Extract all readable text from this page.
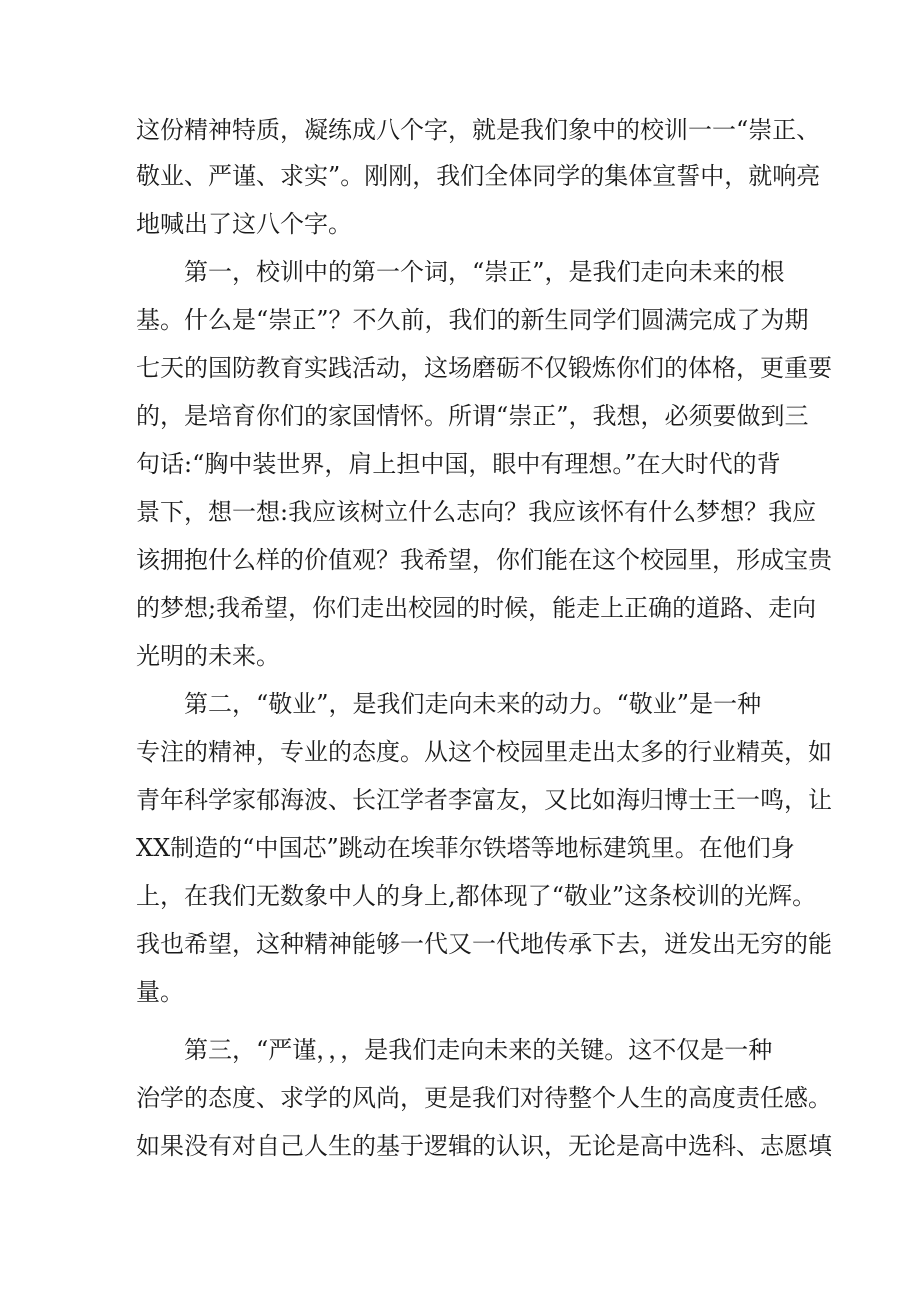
这份精神特质，凝练成八个字，就是我们象中的校训一一“崇正、
敬业、严谨、求实”。刚刚，我们全体同学的集体宣誓中，就响亮
地喊出了这八个字。
第一，校训中的第一个词，“崇正”，是我们走向未来的根
基。什么是“崇正”？不久前，我们的新生同学们圆满完成了为期
七天的国防教育实践活动，这场磨砺不仅锻炼你们的体格，更重要
的，是培育你们的家国情怀。所谓“崇正”，我想，必须要做到三
句话:“胸中装世界，肩上担中国，眼中有理想。”在大时代的背
景下，想一想:我应该树立什么志向？我应该怀有什么梦想？我应
该拥抱什么样的价值观？我希望，你们能在这个校园里，形成宝贵
的梦想;我希望，你们走出校园的时候，能走上正确的道路、走向
光明的未来。
第二，“敬业”，是我们走向未来的动力。“敬业”是一种
专注的精神，专业的态度。从这个校园里走出太多的行业精英，如
青年科学家郁海波、长江学者李富友，又比如海归博士王一鸣，让
XX制造的“中国芯”跳动在埃菲尔铁塔等地标建筑里。在他们身
上，在我们无数象中人的身上,都体现了“敬业”这条校训的光辉。
我也希望，这种精神能够一代又一代地传承下去，迸发出无穷的能
量。
第三，“严谨，，，是我们走向未来的关键。这不仅是一种
治学的态度、求学的风尚，更是我们对待整个人生的高度责任感。
如果没有对自己人生的基于逻辑的认识，无论是高中选科、志愿填
